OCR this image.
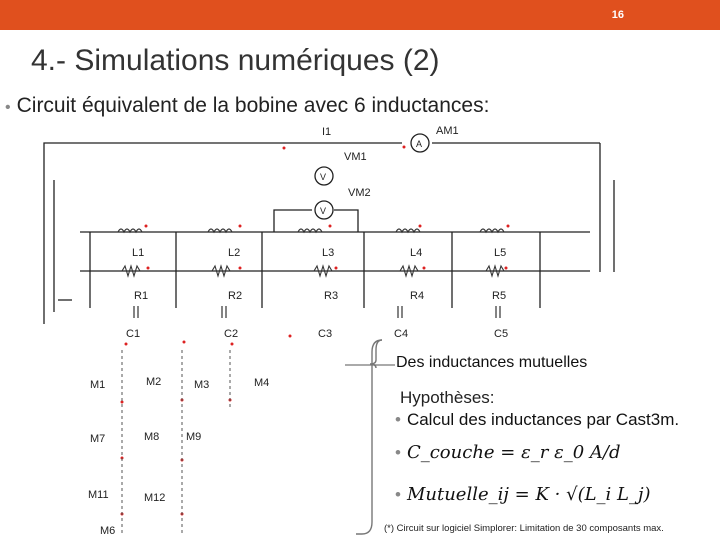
16
4.- Simulations numériques (2)
• Circuit équivalent de la bobine avec 6 inductances:
I1	AM1
A
VM1
VM2
V
V
L1	L2	L3	L4	L5
R1	R2	R3	R4	R5
C1	C2	C3	C4	C5
M1	M2	M3	M4
M7	M8 M9
M11	M12
M6
Des inductances mutuelles
Hypothèses:
• Calcul des inductances par Cast3m.
• C_couche = ε_r ε_0 A/d
• Mutuelle_ij = K · √(L_i L_j)
(*) Circuit sur logiciel Simplorer: Limitation de 30 composants max.
